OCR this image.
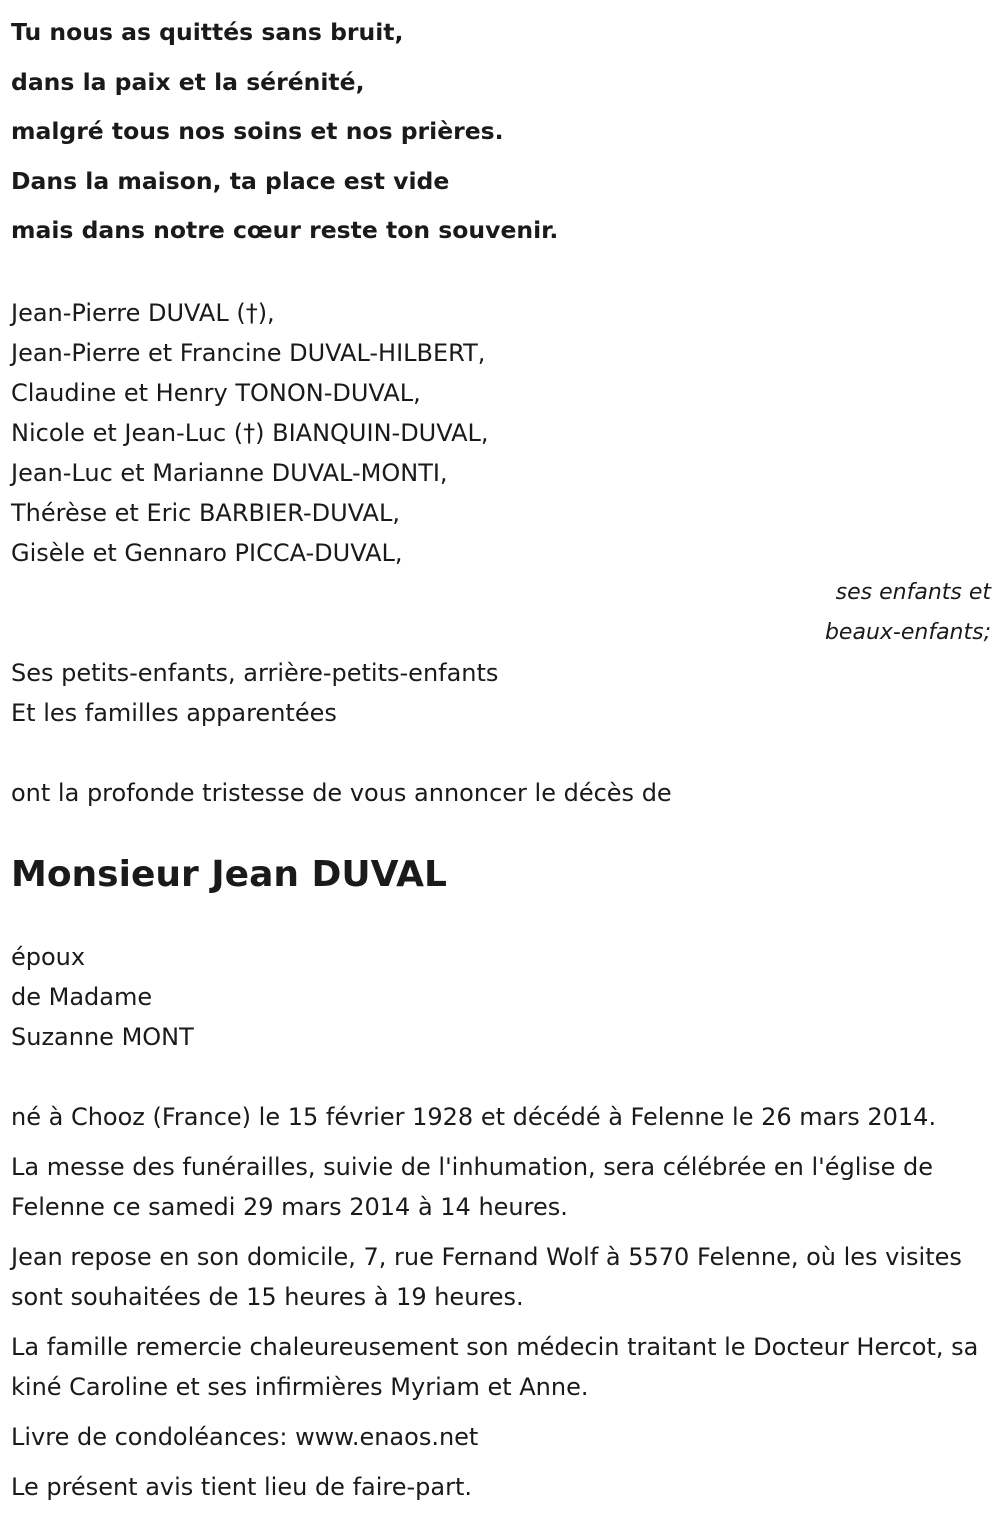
Tu nous as quittés sans bruit,
dans la paix et la sérénité,
malgré tous nos soins et nos prières.
Dans la maison, ta place est vide
mais dans notre cœur reste ton souvenir.
Jean-Pierre DUVAL (†),
Jean-Pierre et Francine DUVAL-HILBERT,
Claudine et Henry TONON-DUVAL,
Nicole et Jean-Luc (†) BIANQUIN-DUVAL,
Jean-Luc et Marianne DUVAL-MONTI,
Thérèse et Eric BARBIER-DUVAL,
Gisèle et Gennaro PICCA-DUVAL,
ses enfants et
beaux-enfants;
Ses petits-enfants, arrière-petits-enfants
Et les familles apparentées
ont la profonde tristesse de vous annoncer le décès de
Monsieur Jean DUVAL
époux
de Madame
Suzanne MONT

né à Chooz (France) le 15 février 1928 et décédé à Felenne le 26 mars 2014.

La messe des funérailles, suivie de l'inhumation, sera célébrée en l'église de Felenne ce samedi 29 mars 2014 à 14 heures.

Jean repose en son domicile, 7, rue Fernand Wolf à 5570 Felenne, où les visites sont souhaitées de 15 heures à 19 heures.

La famille remercie chaleureusement son médecin traitant le Docteur Hercot, sa kiné Caroline et ses infirmières Myriam et Anne.

Livre de condoléances: www.enaos.net

Le présent avis tient lieu de faire-part.
